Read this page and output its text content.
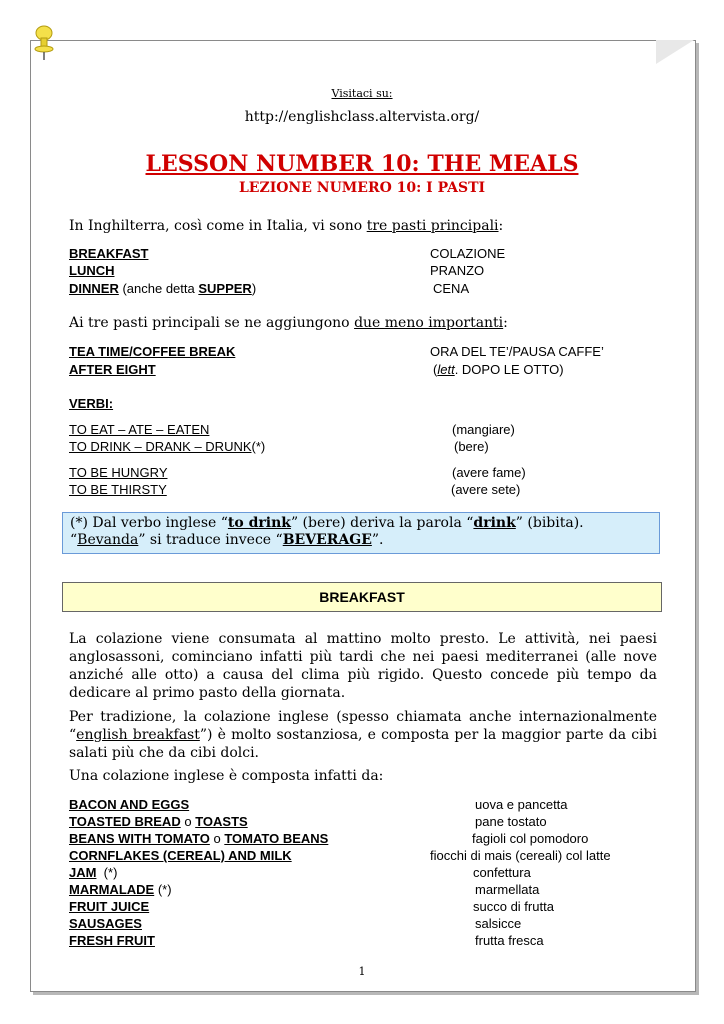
Visitaci su:
http://englishclass.altervista.org/
LESSON NUMBER 10: THE MEALS
LEZIONE NUMERO 10: I PASTI
In Inghilterra, così come in Italia, vi sono tre pasti principali:
BREAKFAST	COLAZIONE
LUNCH	PRANZO
DINNER (anche detta SUPPER)	CENA
Ai tre pasti principali se ne aggiungono due meno importanti:
TEA TIME/COFFEE BREAK	ORA DEL TE’/PAUSA CAFFE’
AFTER EIGHT	(lett. DOPO LE OTTO)
VERBI:
TO EAT – ATE – EATEN	(mangiare)
TO DRINK – DRANK – DRUNK(*)	(bere)
TO BE HUNGRY	(avere fame)
TO BE THIRSTY	(avere sete)
(*) Dal verbo inglese “to drink” (bere) deriva la parola “drink” (bibita).
“Bevanda” si traduce invece “BEVERAGE”.
BREAKFAST
La colazione viene consumata al mattino molto presto. Le attività, nei paesi anglosassoni, cominciano infatti più tardi che nei paesi mediterranei (alle nove anziché alle otto) a causa del clima più rigido. Questo concede più tempo da dedicare al primo pasto della giornata.
Per tradizione, la colazione inglese (spesso chiamata anche internazionalmente “english breakfast”) è molto sostanziosa, e composta per la maggior parte da cibi salati più che da cibi dolci.
Una colazione inglese è composta infatti da:
BACON AND EGGS	uova e pancetta
TOASTED BREAD o TOASTS	pane tostato
BEANS WITH TOMATO o TOMATO BEANS	fagioli col pomodoro
CORNFLAKES (CEREAL) AND MILK	fiocchi di mais (cereali) col latte
JAM  (*)	confettura
MARMALADE (*)	marmellata
FRUIT JUICE	succo di frutta
SAUSAGES	salsicce
FRESH FRUIT	frutta fresca
1
